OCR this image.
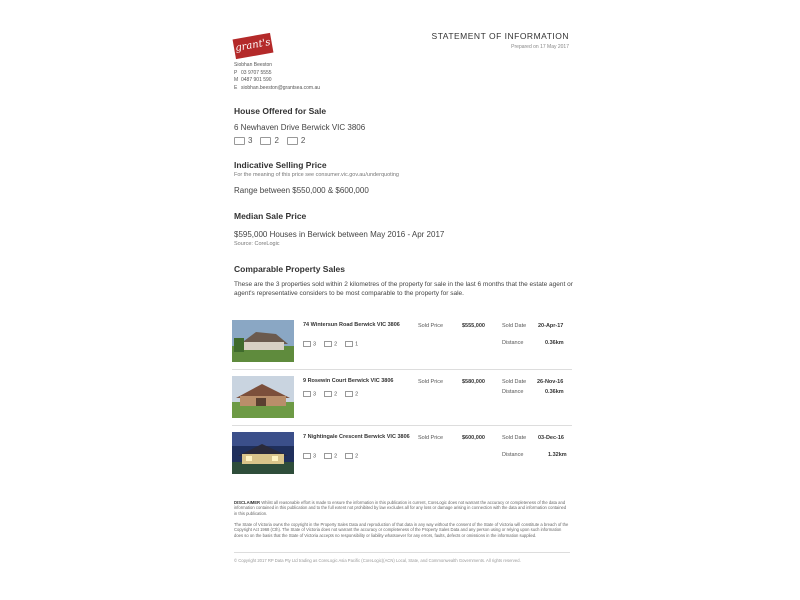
grant's
STATEMENT OF INFORMATION
Prepared on 17 May 2017
Siobhan Beeston
P 03 9707 5555
M 0487 901 590
E siobhan.beeston@grantsea.com.au
House Offered for Sale
6 Newhaven Drive Berwick VIC 3806
3	2	2
Indicative Selling Price
For the meaning of this price see consumer.vic.gov.au/underquoting
Range between $550,000 & $600,000
Median Sale Price
$595,000 Houses in Berwick between May 2016 - Apr 2017
Source: CoreLogic
Comparable Property Sales
These are the 3 properties sold within 2 kilometres of the property for sale in the last 6 months that the estate agent or agent's representative considers to be most comparable to the property for sale.
74 Wintersun Road Berwick VIC 3806
3	2	1
Sold Price	$555,000	Sold Date 20-Apr-17
Distance	0.36km
9 Rosewin Court Berwick VIC 3806
3	2	2
Sold Price	$580,000	Sold Date 26-Nov-16
Distance	0.36km
7 Nightingale Crescent Berwick VIC 3806
3	2	2
Sold Price	$600,000	Sold Date 03-Dec-16
Distance	1.32km
DISCLAIMER Whilst all reasonable effort is made to ensure the information in this publication is current, CoreLogic does not warrant the accuracy or completeness of the data and information contained in this publication and to the full extent not prohibited by law excludes all for any loss or damage arising in connection with the data and information contained in this publication.
The State of Victoria owns the copyright in the Property Sales Data and reproduction of that data in any way without the consent of the State of Victoria will constitute a breach of the Copyright Act 1968 (Cth). The State of Victoria does not warrant the accuracy or completeness of the Property Sales Data and any person using or relying upon such information does so on the basis that the State of Victoria accepts no responsibility or liability whatsoever for any errors, faults, defects or omissions in the information supplied.
© Copyright 2017 RP Data Pty Ltd trading as CoreLogic Asia Pacific (CoreLogic)(ACN) Local, State, and Commonwealth Governments. All rights reserved.
